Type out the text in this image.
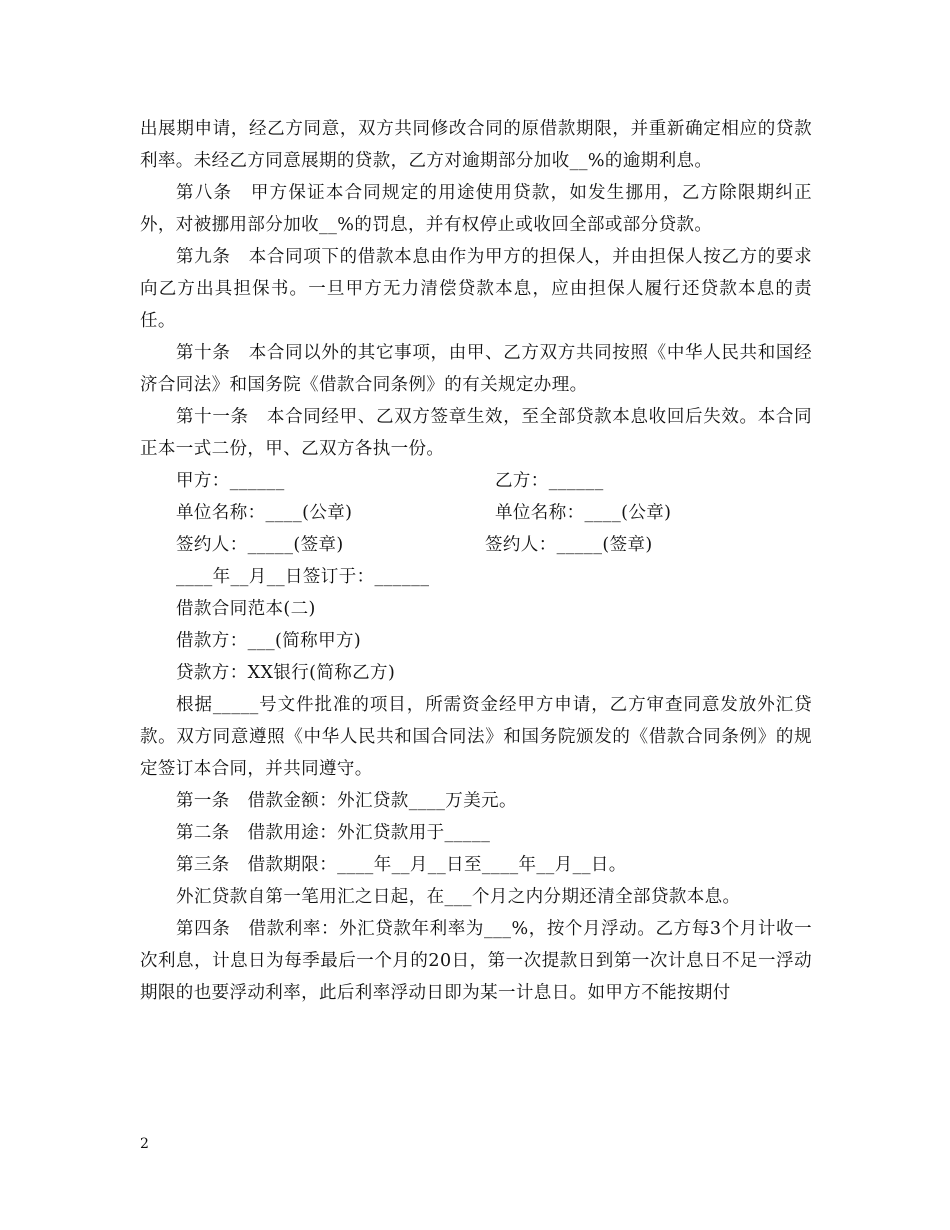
出展期申请，经乙方同意，双方共同修改合同的原借款期限，并重新确定相应的贷款利率。未经乙方同意展期的贷款，乙方对逾期部分加收__%的逾期利息。

第八条　甲方保证本合同规定的用途使用贷款，如发生挪用，乙方除限期纠正外，对被挪用部分加收__%的罚息，并有权停止或收回全部或部分贷款。

第九条　本合同项下的借款本息由作为甲方的担保人，并由担保人按乙方的要求向乙方出具担保书。一旦甲方无力清偿贷款本息，应由担保人履行还贷款本息的责任。

第十条　本合同以外的其它事项，由甲、乙方双方共同按照《中华人民共和国经济合同法》和国务院《借款合同条例》的有关规定办理。

第十一条　本合同经甲、乙双方签章生效，至全部贷款本息收回后失效。本合同正本一式二份，甲、乙双方各执一份。

甲方：______	乙方：______
单位名称：____(公章)	单位名称：____(公章)
签约人：_____(签章)	签约人：_____(签章)

____年__月__日签订于：______

借款合同范本(二)

借款方：___(简称甲方)

贷款方：XX银行(简称乙方)

根据_____号文件批准的项目，所需资金经甲方申请，乙方审查同意发放外汇贷款。双方同意遵照《中华人民共和国合同法》和国务院颁发的《借款合同条例》的规定签订本合同，并共同遵守。

第一条　借款金额：外汇贷款____万美元。

第二条　借款用途：外汇贷款用于_____

第三条　借款期限：____年__月__日至____年__月__日。

外汇贷款自第一笔用汇之日起，在___个月之内分期还清全部贷款本息。

第四条　借款利率：外汇贷款年利率为___%，按个月浮动。乙方每3个月计收一次利息，计息日为每季最后一个月的20日，第一次提款日到第一次计息日不足一浮动期限的也要浮动利率，此后利率浮动日即为某一计息日。如甲方不能按期付

2
